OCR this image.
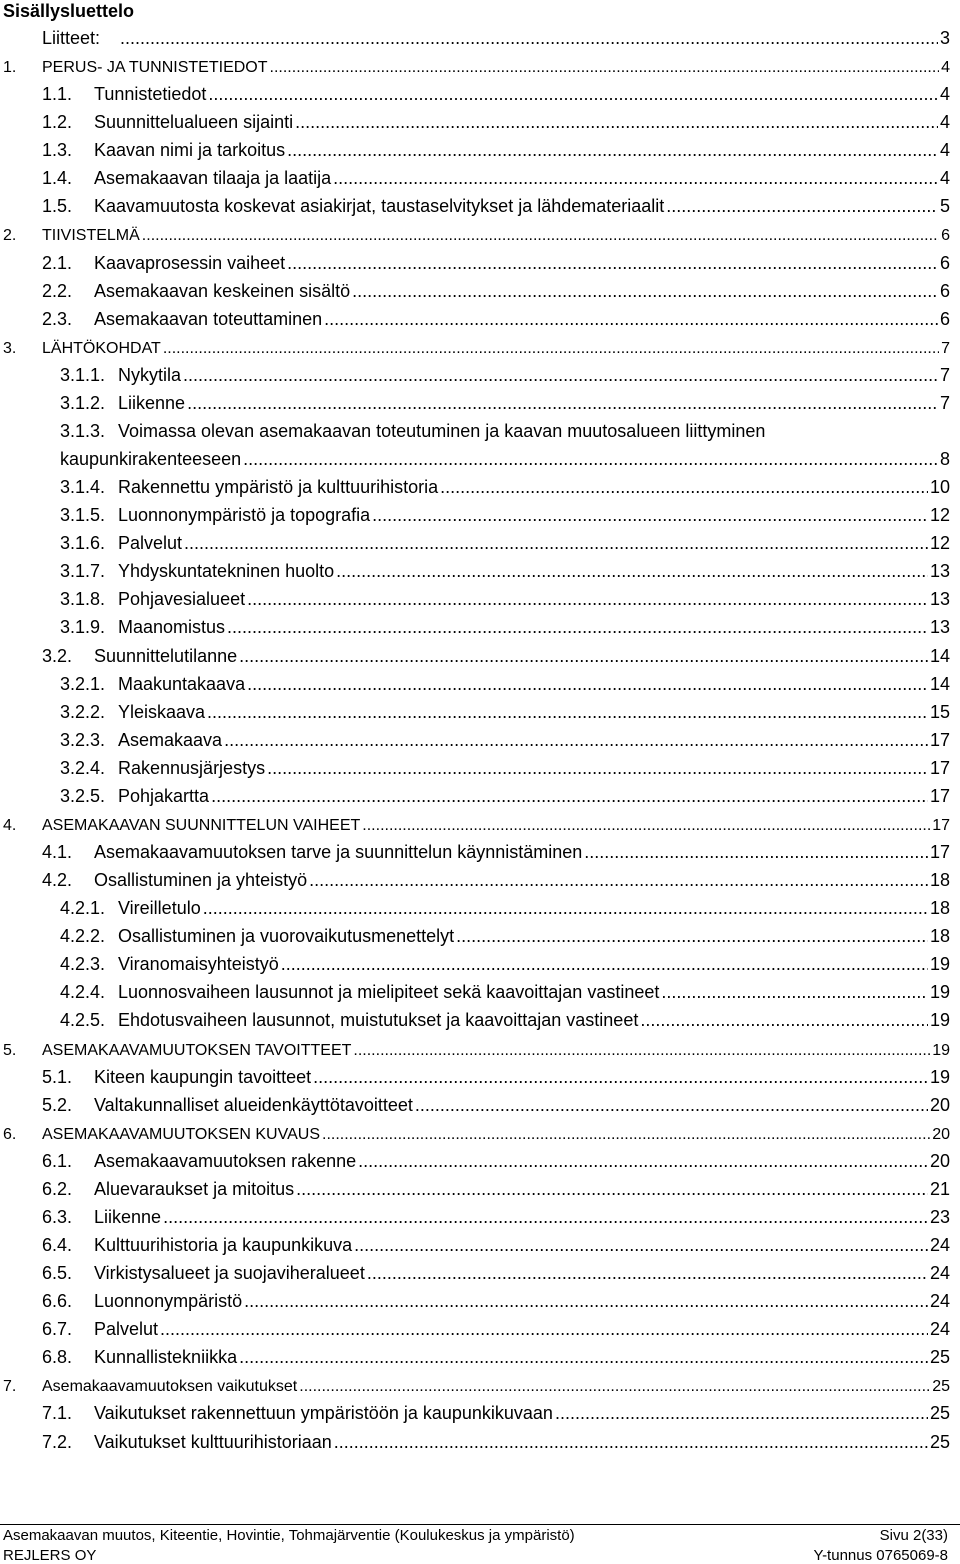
Sisällysluettelo
Liitteet: .....	3
1. PERUS- JA TUNNISTETIEDOT .....	4
1.1. Tunnistetiedot .....	4
1.2. Suunnittelualueen sijainti .....	4
1.3. Kaavan nimi ja tarkoitus .....	4
1.4. Asemakaavan tilaaja ja laatija .....	4
1.5. Kaavamuutosta koskevat asiakirjat, taustaselvitykset ja lähdemateriaalit .....	5
2. TIIVISTELMÄ .....	6
2.1. Kaavaprosessin vaiheet .....	6
2.2. Asemakaavan keskeinen sisältö .....	6
2.3. Asemakaavan toteuttaminen .....	6
3. LÄHTÖKOHDAT .....	7
3.1.1. Nykytila .....	7
3.1.2. Liikenne .....	7
3.1.3. Voimassa olevan asemakaavan toteutuminen ja kaavan muutosalueen liittyminen
kaupunkirakenteeseen .....	8
3.1.4. Rakennettu ympäristö ja kulttuurihistoria .....	10
3.1.5. Luonnonympäristö ja topografia .....	12
3.1.6. Palvelut .....	12
3.1.7. Yhdyskuntatekninen huolto .....	13
3.1.8. Pohjavesialueet .....	13
3.1.9. Maanomistus .....	13
3.2. Suunnittelutilanne .....	14
3.2.1. Maakuntakaava .....	14
3.2.2. Yleiskaava .....	15
3.2.3. Asemakaava .....	17
3.2.4. Rakennusjärjestys .....	17
3.2.5. Pohjakartta .....	17
4. ASEMAKAAVAN SUUNNITTELUN VAIHEET .....	17
4.1. Asemakaavamuutoksen tarve ja suunnittelun käynnistäminen .....	17
4.2. Osallistuminen ja yhteistyö .....	18
4.2.1. Vireilletulo .....	18
4.2.2. Osallistuminen ja vuorovaikutusmenettelyt .....	18
4.2.3. Viranomaisyhteistyö .....	19
4.2.4. Luonnosvaiheen lausunnot ja mielipiteet sekä kaavoittajan vastineet .....	19
4.2.5. Ehdotusvaiheen lausunnot, muistutukset ja kaavoittajan vastineet .....	19
5. ASEMAKAAVAMUUTOKSEN TAVOITTEET .....	19
5.1. Kiteen kaupungin tavoitteet .....	19
5.2. Valtakunnalliset alueidenkäyttötavoitteet .....	20
6. ASEMAKAAVAMUUTOKSEN KUVAUS .....	20
6.1. Asemakaavamuutoksen rakenne .....	20
6.2. Aluevaraukset ja mitoitus .....	21
6.3. Liikenne .....	23
6.4. Kulttuurihistoria ja kaupunkikuva .....	24
6.5. Virkistysalueet ja suojaviheralueet .....	24
6.6. Luonnonympäristö .....	24
6.7. Palvelut .....	24
6.8. Kunnallistekniikka .....	25
7. Asemakaavamuutoksen vaikutukset .....	25
7.1. Vaikutukset rakennettuun ympäristöön ja kaupunkikuvaan .....	25
7.2. Vaikutukset kulttuurihistoriaan .....	25
Asemakaavan muutos, Kiteentie, Hovintie, Tohmajärventie (Koulukeskus ja ympäristö)	Sivu 2(33)
REJLERS OY	Y-tunnus 0765069-8
